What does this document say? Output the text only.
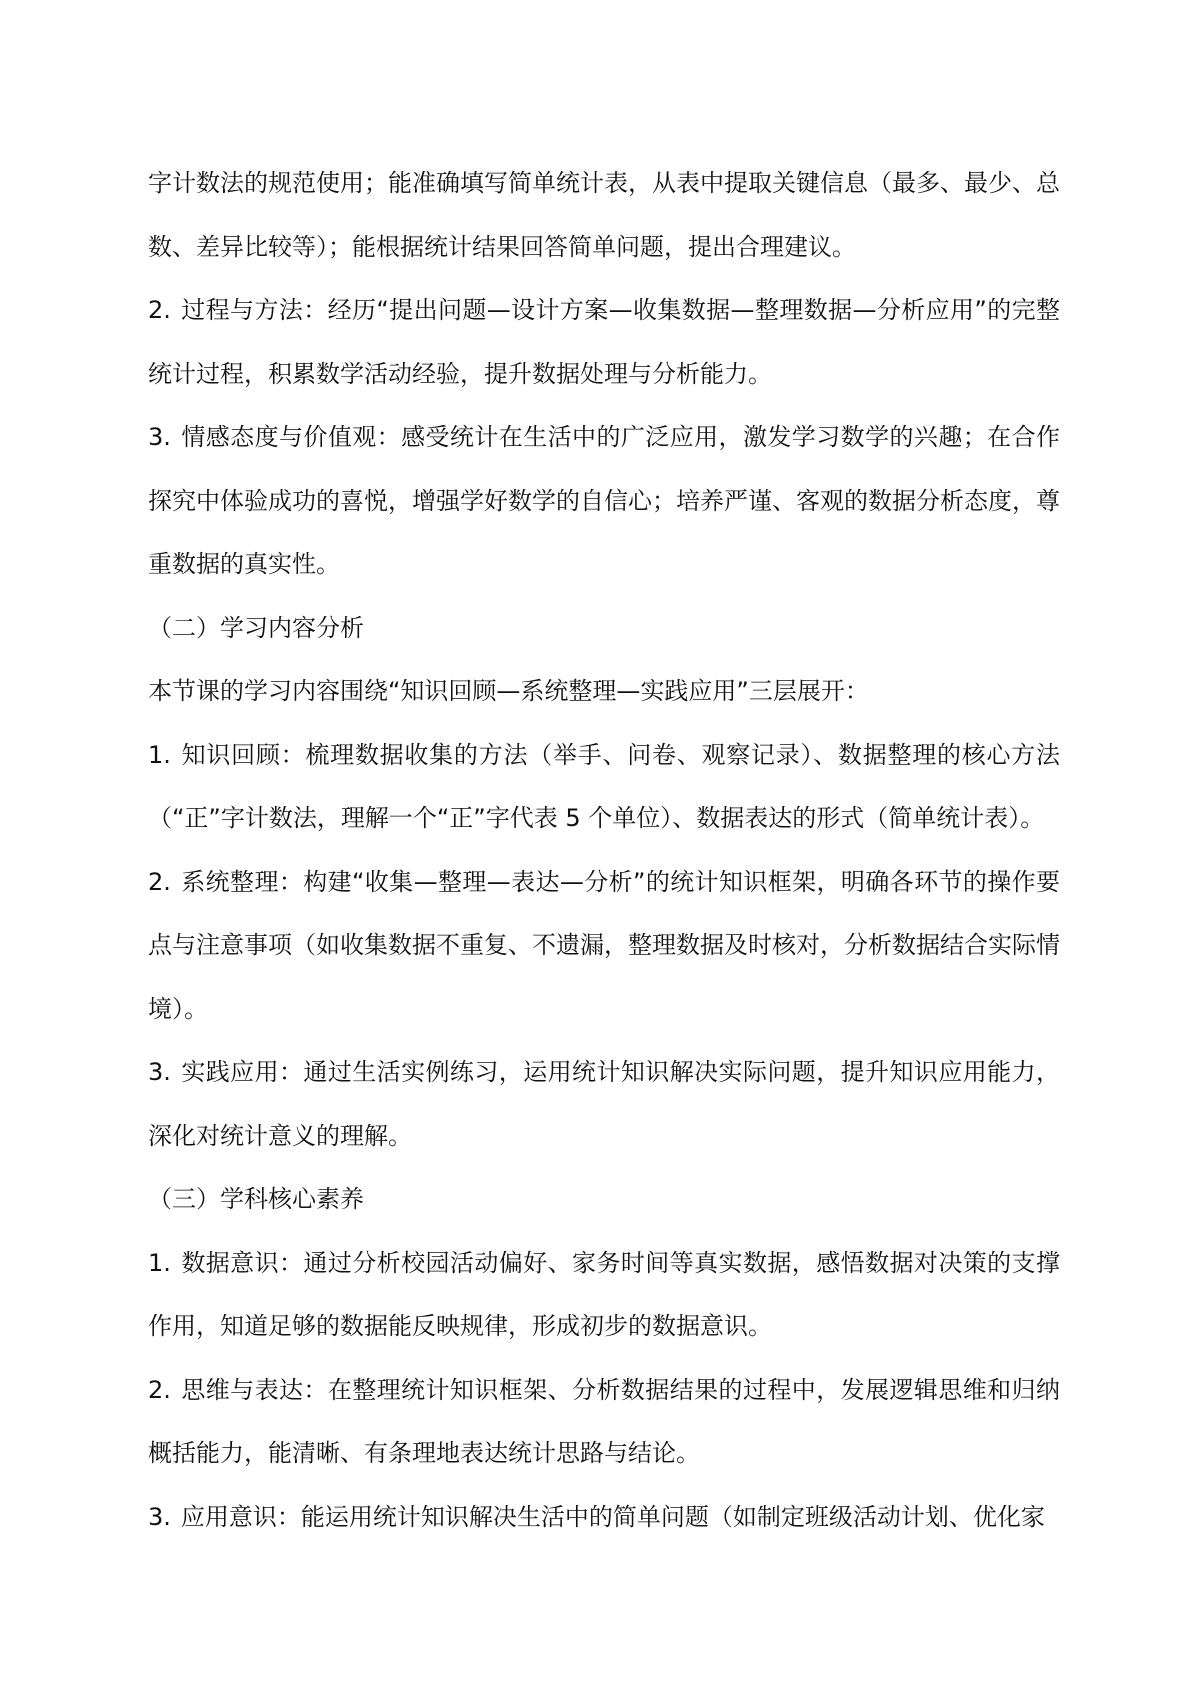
字计数法的规范使用；能准确填写简单统计表，从表中提取关键信息（最多、最少、总数、差异比较等）；能根据统计结果回答简单问题，提出合理建议。

2. 过程与方法：经历“提出问题—设计方案—收集数据—整理数据—分析应用”的完整统计过程，积累数学活动经验，提升数据处理与分析能力。

3. 情感态度与价值观：感受统计在生活中的广泛应用，激发学习数学的兴趣；在合作探究中体验成功的喜悦，增强学好数学的自信心；培养严谨、客观的数据分析态度，尊重数据的真实性。

（二）学习内容分析

本节课的学习内容围绕“知识回顾—系统整理—实践应用”三层展开：

1. 知识回顾：梳理数据收集的方法（举手、问卷、观察记录）、数据整理的核心方法（“正”字计数法，理解一个“正”字代表 5 个单位）、数据表达的形式（简单统计表）。

2. 系统整理：构建“收集—整理—表达—分析”的统计知识框架，明确各环节的操作要点与注意事项（如收集数据不重复、不遗漏，整理数据及时核对，分析数据结合实际情境）。

3. 实践应用：通过生活实例练习，运用统计知识解决实际问题，提升知识应用能力，深化对统计意义的理解。

（三）学科核心素养

1. 数据意识：通过分析校园活动偏好、家务时间等真实数据，感悟数据对决策的支撑作用，知道足够的数据能反映规律，形成初步的数据意识。

2. 思维与表达：在整理统计知识框架、分析数据结果的过程中，发展逻辑思维和归纳概括能力，能清晰、有条理地表达统计思路与结论。

3. 应用意识：能运用统计知识解决生活中的简单问题（如制定班级活动计划、优化家
